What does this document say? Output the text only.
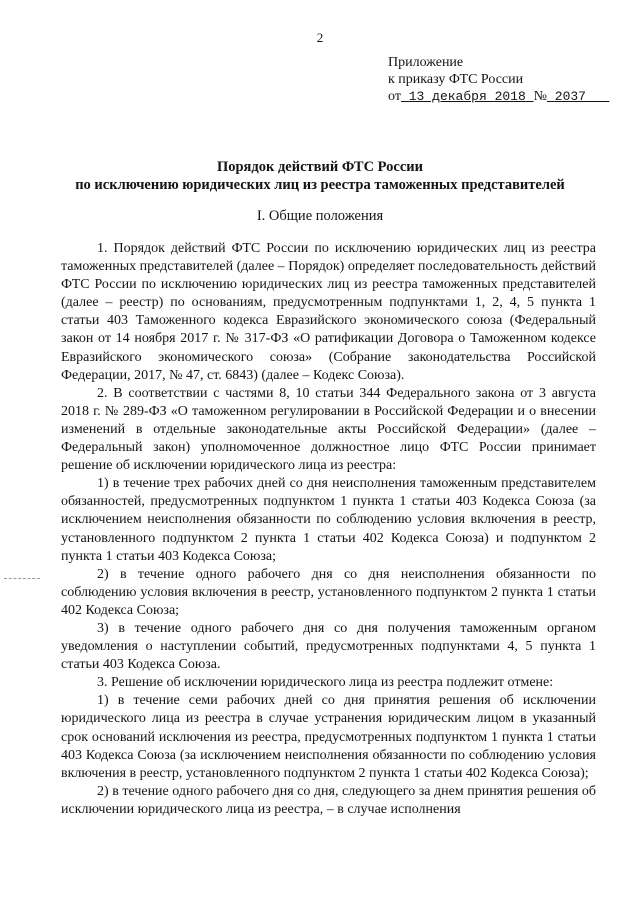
2
Приложение
к приказу ФТС России
от 13 декабря 2018 № 2037
Порядок действий ФТС России
по исключению юридических лиц из реестра таможенных представителей
I. Общие положения

1. Порядок действий ФТС России по исключению юридических лиц из реестра таможенных представителей (далее – Порядок) определяет последовательность действий ФТС России по исключению юридических лиц из реестра таможенных представителей (далее – реестр) по основаниям, предусмотренным подпунктами 1, 2, 4, 5 пункта 1 статьи 403 Таможенного кодекса Евразийского экономического союза (Федеральный закон от 14 ноября 2017 г. № 317-ФЗ «О ратификации Договора о Таможенном кодексе Евразийского экономического союза» (Собрание законодательства Российской Федерации, 2017, № 47, ст. 6843) (далее – Кодекс Союза).

2. В соответствии с частями 8, 10 статьи 344 Федерального закона от 3 августа 2018 г. № 289-ФЗ «О таможенном регулировании в Российской Федерации и о внесении изменений в отдельные законодательные акты Российской Федерации» (далее – Федеральный закон) уполномоченное должностное лицо ФТС России принимает решение об исключении юридического лица из реестра:

1) в течение трех рабочих дней со дня неисполнения таможенным представителем обязанностей, предусмотренных подпунктом 1 пункта 1 статьи 403 Кодекса Союза (за исключением неисполнения обязанности по соблюдению условия включения в реестр, установленного подпунктом 2 пункта 1 статьи 402 Кодекса Союза) и подпунктом 2 пункта 1 статьи 403 Кодекса Союза;

2) в течение одного рабочего дня со дня неисполнения обязанности по соблюдению условия включения в реестр, установленного подпунктом 2 пункта 1 статьи 402 Кодекса Союза;

3) в течение одного рабочего дня со дня получения таможенным органом уведомления о наступлении событий, предусмотренных подпунктами 4, 5 пункта 1 статьи 403 Кодекса Союза.

3. Решение об исключении юридического лица из реестра подлежит отмене:

1) в течение семи рабочих дней со дня принятия решения об исключении юридического лица из реестра в случае устранения юридическим лицом в указанный срок оснований исключения из реестра, предусмотренных подпунктом 1 пункта 1 статьи 403 Кодекса Союза (за исключением неисполнения обязанности по соблюдению условия включения в реестр, установленного подпунктом 2 пункта 1 статьи 402 Кодекса Союза);

2) в течение одного рабочего дня со дня, следующего за днем принятия решения об исключении юридического лица из реестра, – в случае исполнения
